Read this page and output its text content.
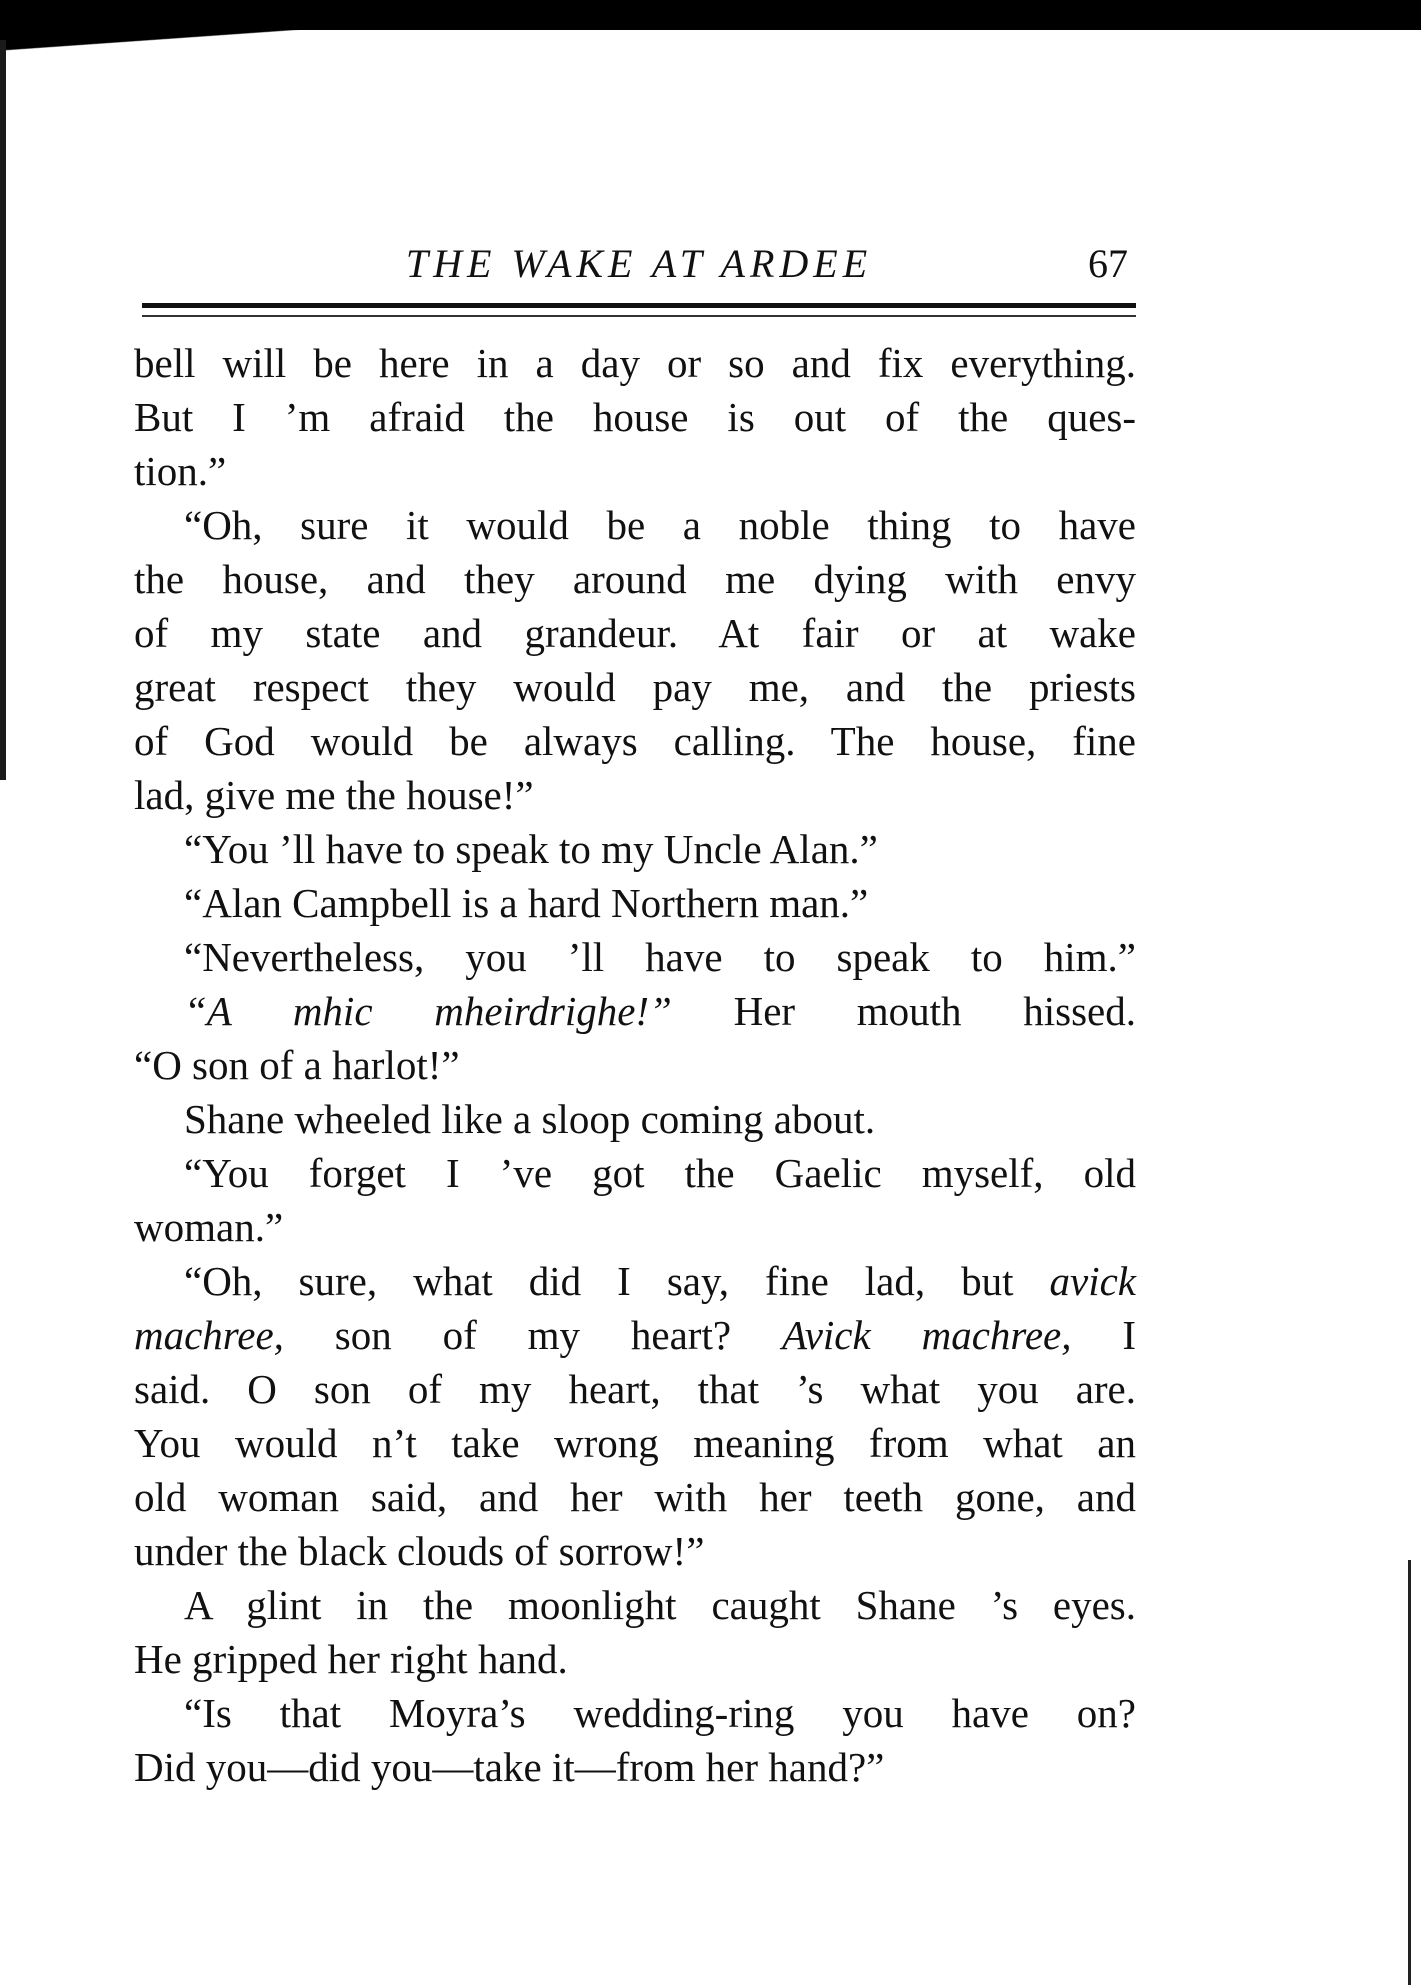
THE WAKE AT ARDEE	67
bell will be here in a day or so and fix everything.
But I ’m afraid the house is out of the ques-
tion.”
“Oh, sure it would be a noble thing to have
the house, and they around me dying with envy
of my state and grandeur. At fair or at wake
great respect they would pay me, and the priests
of God would be always calling. The house, fine
lad, give me the house!”
“You ’ll have to speak to my Uncle Alan.”
“Alan Campbell is a hard Northern man.”
“Nevertheless, you ’ll have to speak to him.”
“A mhic mheirdrighe!” Her mouth hissed.
“O son of a harlot!”
Shane wheeled like a sloop coming about.
“You forget I ’ve got the Gaelic myself, old
woman.”
“Oh, sure, what did I say, fine lad, but avick
machree, son of my heart? Avick machree, I
said. O son of my heart, that ’s what you are.
You would n’t take wrong meaning from what an
old woman said, and her with her teeth gone, and
under the black clouds of sorrow!”
A glint in the moonlight caught Shane ’s eyes.
He gripped her right hand.
“Is that Moyra’s wedding-ring you have on?
Did you—did you—take it—from her hand?”
